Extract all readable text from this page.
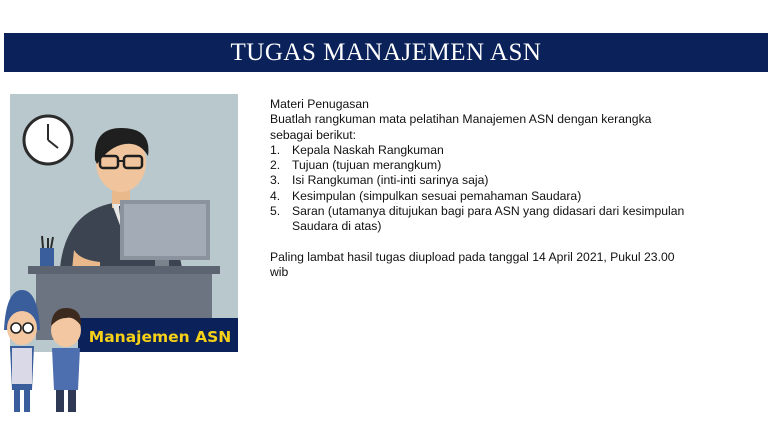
TUGAS MANAJEMEN ASN
Manajemen ASN

Materi Penugasan

Buatlah rangkuman mata pelatihan Manajemen ASN dengan kerangka sebagai berikut:

1. Kepala Naskah Rangkuman
2. Tujuan (tujuan merangkum)
3. Isi Rangkuman (inti-inti sarinya saja)
4. Kesimpulan (simpulkan sesuai pemahaman Saudara)
5. Saran (utamanya ditujukan bagi para ASN yang didasari dari kesimpulan Saudara di atas)

Paling lambat hasil tugas diupload pada tanggal 14 April 2021, Pukul 23.00 wib
